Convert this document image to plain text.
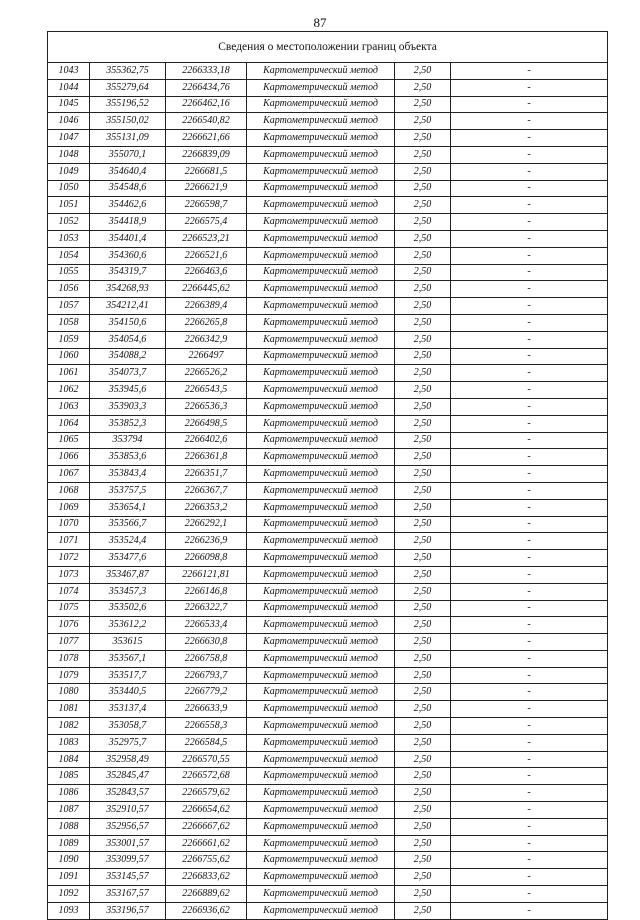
87
Сведения о местоположении границ объекта					
1043	355362,75	2266333,18	Картометрический метод	2,50	-
1044	355279,64	2266434,76	Картометрический метод	2,50	-
1045	355196,52	2266462,16	Картометрический метод	2,50	-
1046	355150,02	2266540,82	Картометрический метод	2,50	-
1047	355131,09	2266621,66	Картометрический метод	2,50	-
1048	355070,1	2266839,09	Картометрический метод	2,50	-
1049	354640,4	2266681,5	Картометрический метод	2,50	-
1050	354548,6	2266621,9	Картометрический метод	2,50	-
1051	354462,6	2266598,7	Картометрический метод	2,50	-
1052	354418,9	2266575,4	Картометрический метод	2,50	-
1053	354401,4	2266523,21	Картометрический метод	2,50	-
1054	354360,6	2266521,6	Картометрический метод	2,50	-
1055	354319,7	2266463,6	Картометрический метод	2,50	-
1056	354268,93	2266445,62	Картометрический метод	2,50	-
1057	354212,41	2266389,4	Картометрический метод	2,50	-
1058	354150,6	2266265,8	Картометрический метод	2,50	-
1059	354054,6	2266342,9	Картометрический метод	2,50	-
1060	354088,2	2266497	Картометрический метод	2,50	-
1061	354073,7	2266526,2	Картометрический метод	2,50	-
1062	353945,6	2266543,5	Картометрический метод	2,50	-
1063	353903,3	2266536,3	Картометрический метод	2,50	-
1064	353852,3	2266498,5	Картометрический метод	2,50	-
1065	353794	2266402,6	Картометрический метод	2,50	-
1066	353853,6	2266361,8	Картометрический метод	2,50	-
1067	353843,4	2266351,7	Картометрический метод	2,50	-
1068	353757,5	2266367,7	Картометрический метод	2,50	-
1069	353654,1	2266353,2	Картометрический метод	2,50	-
1070	353566,7	2266292,1	Картометрический метод	2,50	-
1071	353524,4	2266236,9	Картометрический метод	2,50	-
1072	353477,6	2266098,8	Картометрический метод	2,50	-
1073	353467,87	2266121,81	Картометрический метод	2,50	-
1074	353457,3	2266146,8	Картометрический метод	2,50	-
1075	353502,6	2266322,7	Картометрический метод	2,50	-
1076	353612,2	2266533,4	Картометрический метод	2,50	-
1077	353615	2266630,8	Картометрический метод	2,50	-
1078	353567,1	2266758,8	Картометрический метод	2,50	-
1079	353517,7	2266793,7	Картометрический метод	2,50	-
1080	353440,5	2266779,2	Картометрический метод	2,50	-
1081	353137,4	2266633,9	Картометрический метод	2,50	-
1082	353058,7	2266558,3	Картометрический метод	2,50	-
1083	352975,7	2266584,5	Картометрический метод	2,50	-
1084	352958,49	2266570,55	Картометрический метод	2,50	-
1085	352845,47	2266572,68	Картометрический метод	2,50	-
1086	352843,57	2266579,62	Картометрический метод	2,50	-
1087	352910,57	2266654,62	Картометрический метод	2,50	-
1088	352956,57	2266667,62	Картометрический метод	2,50	-
1089	353001,57	2266661,62	Картометрический метод	2,50	-
1090	353099,57	2266755,62	Картометрический метод	2,50	-
1091	353145,57	2266833,62	Картометрический метод	2,50	-
1092	353167,57	2266889,62	Картометрический метод	2,50	-
1093	353196,57	2266936,62	Картометрический метод	2,50	-
